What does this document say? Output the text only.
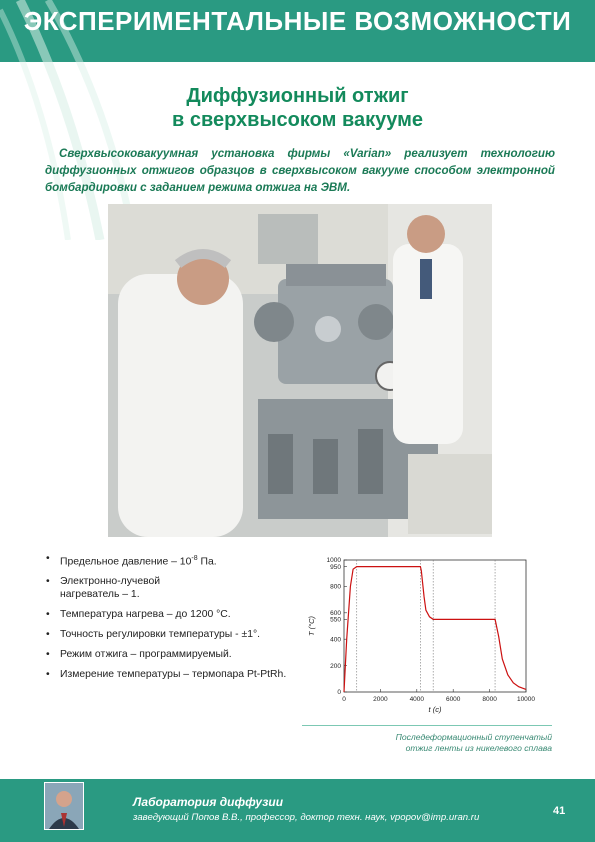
ЭКСПЕРИМЕНТАЛЬНЫЕ ВОЗМОЖНОСТИ
Диффузионный отжиг
в сверхвысоком вакууме
Сверхвысоковакуумная установка фирмы «Varian» реализует технологию диффузионных отжигов образцов в сверхвысоком вакууме способом электронной бомбардировки с заданием режима отжига на ЭВМ.
• Предельное давление – $10^{-8}$ Па.
• Электронно-лучевой нагреватель – 1.
• Температура нагрева – до 1200 °С.
• Точность регулировки температуры - ±1°.
• Режим отжига – программируемый.
• Измерение температуры – термопара Pt-PtRh.
0	2000	4000	6000	8000	10000
0
200
400
550
600
800
950
1000
t (c)
T (°C)
Последеформационный ступенчатый
отжиг ленты из никелевого сплава
Лаборатория диффузии
заведующий Попов В.В., профессор, доктор техн. наук, vpopov@imp.uran.ru
41
